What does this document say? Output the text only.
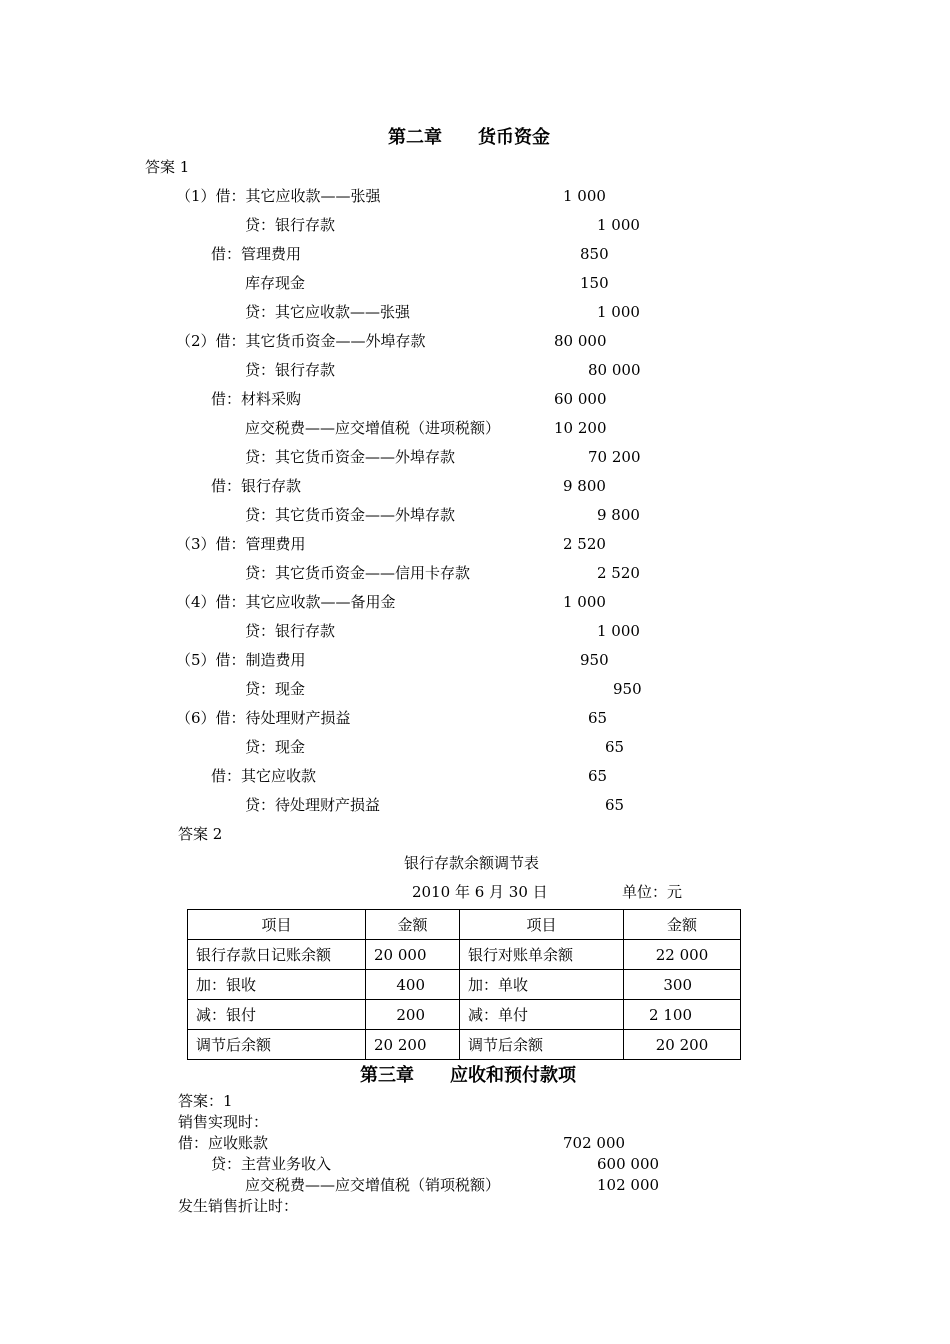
第二章　　货币资金
答案 1
（1）借：其它应收款——张强	1 000
贷：银行存款	1 000
借：管理费用	850
库存现金	150
贷：其它应收款——张强	1 000
（2）借：其它货币资金——外埠存款	80 000
贷：银行存款	80 000
借：材料采购	60 000
应交税费——应交增值税（进项税额）	10 200
贷：其它货币资金——外埠存款	70 200
借：银行存款	9 800
贷：其它货币资金——外埠存款	9 800
（3）借：管理费用	2 520
贷：其它货币资金——信用卡存款	2 520
（4）借：其它应收款——备用金	1 000
贷：银行存款	1 000
（5）借：制造费用	950
贷：现金	950
（6）借：待处理财产损益	65
贷：现金	65
借：其它应收款	65
贷：待处理财产损益	65
答案 2
银行存款余额调节表
2010 年 6 月 30 日	单位：元
项目	金额	项目	金额
银行存款日记账余额	20 000	银行对账单余额	22 000
加：银收	400	加：单收	300
减：银付	200	减：单付	2 100
调节后余额	20 200	调节后余额	20 200
第三章　　应收和预付款项
答案：1
销售实现时：
借：应收账款	702 000
贷：主营业务收入	600 000
应交税费——应交增值税（销项税额）	102 000
发生销售折让时：
